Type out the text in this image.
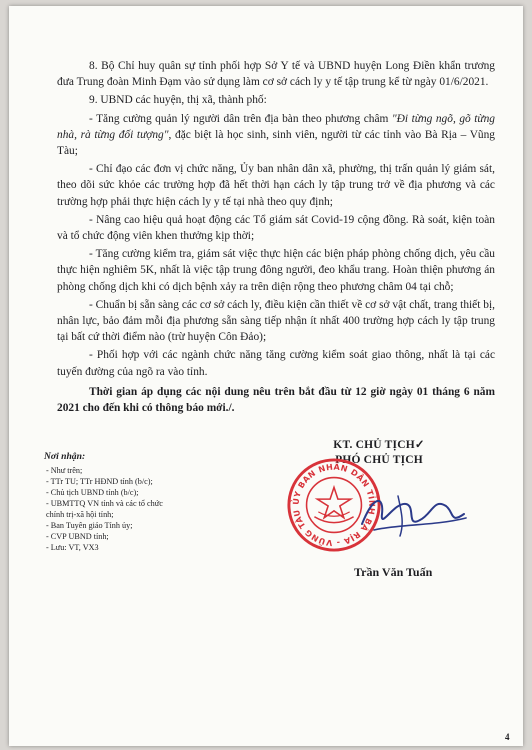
8. Bộ Chỉ huy quân sự tỉnh phối hợp Sở Y tế và UBND huyện Long Điền khẩn trương đưa Trung đoàn Minh Đạm vào sử dụng làm cơ sở cách ly y tế tập trung kể từ ngày 01/6/2021.

9. UBND các huyện, thị xã, thành phố:

- Tăng cường quản lý người dân trên địa bàn theo phương châm "Đi từng ngõ, gõ từng nhà, rà từng đối tượng", đặc biệt là học sinh, sinh viên, người từ các tỉnh vào Bà Rịa – Vũng Tàu;

- Chỉ đạo các đơn vị chức năng, Ủy ban nhân dân xã, phường, thị trấn quản lý giám sát, theo dõi sức khỏe các trường hợp đã hết thời hạn cách ly tập trung trở về địa phương và các trường hợp phải thực hiện cách ly y tế tại nhà theo quy định;

- Nâng cao hiệu quả hoạt động các Tổ giám sát Covid-19 cộng đồng. Rà soát, kiện toàn và tổ chức động viên khen thưởng kịp thời;

- Tăng cường kiểm tra, giám sát việc thực hiện các biện pháp phòng chống dịch, yêu cầu thực hiện nghiêm 5K, nhất là việc tập trung đông người, đeo khẩu trang. Hoàn thiện phương án phòng chống dịch khi có dịch bệnh xảy ra trên diện rộng theo phương châm 04 tại chỗ;

- Chuẩn bị sẵn sàng các cơ sở cách ly, điều kiện cần thiết về cơ sở vật chất, trang thiết bị, nhân lực, bảo đảm mỗi địa phương sẵn sàng tiếp nhận ít nhất 400 trường hợp cách ly tập trung tại bất cứ thời điểm nào (trừ huyện Côn Đảo);

- Phối hợp với các ngành chức năng tăng cường kiểm soát giao thông, nhất là tại các tuyến đường của ngõ ra vào tỉnh.

Thời gian áp dụng các nội dung nêu trên bắt đầu từ 12 giờ ngày 01 tháng 6 năm 2021 cho đến khi có thông báo mới./.

Nơi nhận:
- Như trên;
- TTr TU; TTr HĐND tỉnh (b/c);
- Chủ tịch UBND tỉnh (b/c);
- UBMTTQ VN tỉnh và các tổ chức
chính trị-xã hội tỉnh;
- Ban Tuyên giáo Tỉnh ủy;
- CVP UBND tỉnh;
- Lưu: VT, VX3
KT. CHỦ TỊCH✓
PHÓ CHỦ TỊCH
ỦY BAN NHÂN DÂN TỈNH BÀ RỊA - VŨNG TÀU
Trần Văn Tuấn
4
